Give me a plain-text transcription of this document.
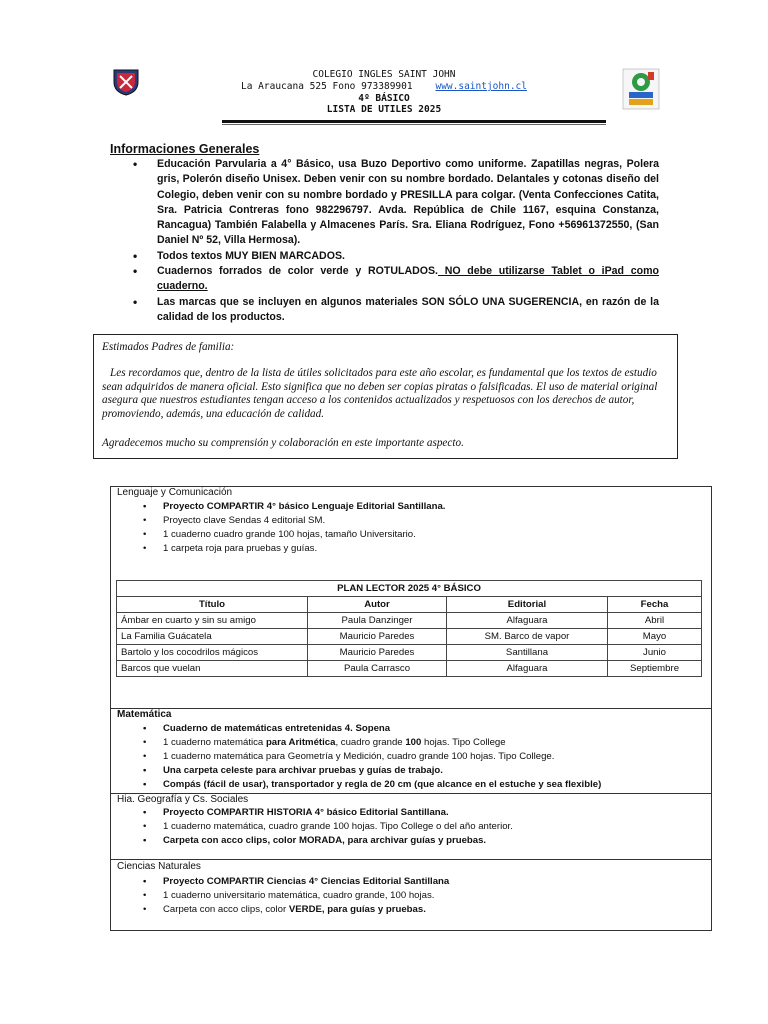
COLEGIO INGLES SAINT JOHN
La Araucana 525 Fono 973389901 www.saintjohn.cl
4º BÁSICO
LISTA DE UTILES 2025
Informaciones Generales
• Educación Parvularia a 4° Básico, usa Buzo Deportivo como uniforme. Zapatillas negras, Polera gris, Polerón diseño Unisex. Deben venir con su nombre bordado. Delantales y cotonas diseño del Colegio, deben venir con su nombre bordado y PRESILLA para colgar. (Venta Confecciones Catita, Sra. Patricia Contreras fono 982296797. Avda. República de Chile 1167, esquina Constanza, Rancagua) También Falabella y Almacenes París. Sra. Eliana Rodríguez, Fono +56961372550, (San Daniel Nº 52, Villa Hermosa).
• Todos textos MUY BIEN MARCADOS.
• Cuadernos forrados de color verde y ROTULADOS. NO debe utilizarse Tablet o iPad como cuaderno.
• Las marcas que se incluyen en algunos materiales SON SÓLO UNA SUGERENCIA, en razón de la calidad de los productos.

Estimados Padres de familia:

Les recordamos que, dentro de la lista de útiles solicitados para este año escolar, es fundamental que los textos de estudio sean adquiridos de manera oficial. Esto significa que no deben ser copias piratas o falsificadas. El uso de material original asegura que nuestros estudiantes tengan acceso a los contenidos actualizados y respetuosos con los derechos de autor, promoviendo, además, una educación de calidad.

Agradecemos mucho su comprensión y colaboración en este importante aspecto.

Lenguaje y Comunicación
• Proyecto COMPARTIR 4° básico Lenguaje Editorial Santillana.
• Proyecto clave Sendas 4 editorial SM.
• 1 cuaderno cuadro grande 100 hojas, tamaño Universitario.
• 1 carpeta roja para pruebas y guías.
PLAN LECTOR 2025 4° BÁSICO			
Título	Autor	Editorial	Fecha
Ámbar en cuarto y sin su amigo	Paula Danzinger	Alfaguara	Abril
La Familia Guácatela	Mauricio Paredes	SM. Barco de vapor	Mayo
Bartolo y los cocodrilos mágicos	Mauricio Paredes	Santillana	Junio
Barcos que vuelan	Paula Carrasco	Alfaguara	Septiembre
Matemática
• Cuaderno de matemáticas entretenidas 4. Sopena
• 1 cuaderno matemática para Aritmética, cuadro grande 100 hojas. Tipo College
• 1 cuaderno matemática para Geometría y Medición, cuadro grande 100 hojas. Tipo College.
• Una carpeta celeste para archivar pruebas y guías de trabajo.
• Compás (fácil de usar), transportador y regla de 20 cm (que alcance en el estuche y sea flexible)
Hia. Geografía y Cs. Sociales
• Proyecto COMPARTIR HISTORIA 4° básico Editorial Santillana.
• 1 cuaderno matemática, cuadro grande 100 hojas. Tipo College o del año anterior.
• Carpeta con acco clips, color MORADA, para archivar guías y pruebas.
Ciencias Naturales
• Proyecto COMPARTIR Ciencias 4° Ciencias Editorial Santillana
• 1 cuaderno universitario matemática, cuadro grande, 100 hojas.
• Carpeta con acco clips, color VERDE, para guías y pruebas.
